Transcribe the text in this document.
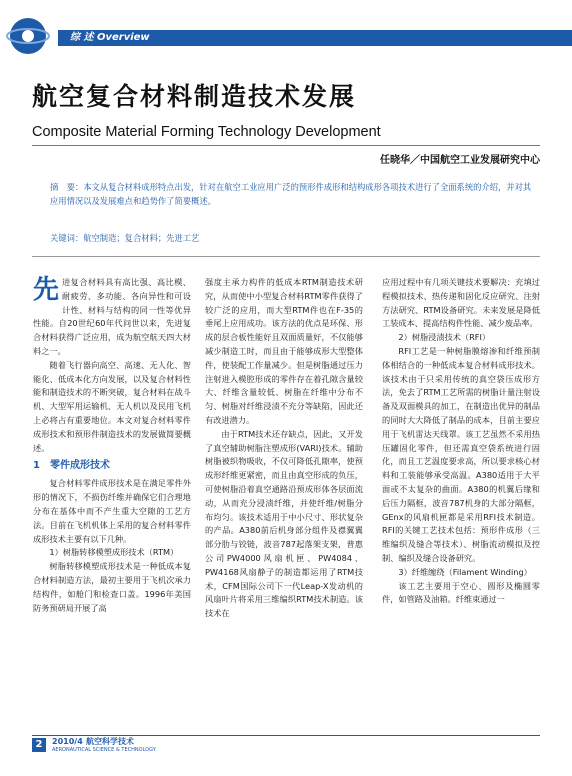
综 述 Overview
航空复合材料制造技术发展
Composite Material Forming Technology Development
任晓华／中国航空工业发展研究中心
摘　要：本文从复合材料成形特点出发，针对在航空工业应用广泛的预形件成形和结构成形各项技术进行了全面系统的介绍，并对其应用情况以及发展难点和趋势作了简要概述。
关键词：航空制造；复合材料；先进工艺

先进复合材料具有高比强、高比模、耐疲劳、多功能、各向异性和可设计性、材料与结构的同一性等优异性能。自20世纪60年代问世以来，先进复合材料获得广泛应用，成为航空航天四大材料之一。

随着飞行器向高空、高速、无人化、智能化、低成本化方向发展，以及复合材料性能和制造技术的不断突破，复合材料在战斗机、大型军用运输机、无人机以及民用飞机上必将占有重要地位。本文对复合材料零件成形技术和预形件制造技术的发展做简要概述。

1　零件成形技术

复合材料零件成形技术是在满足零件外形的情况下，不损伤纤维并确保它们合理地分布在基体中而不产生重大空隙的工艺方法。目前在飞机机体上采用的复合材料零件成形技术主要有以下几种。

1）树脂转移模塑成形技术（RTM）

树脂转移模塑成形技术是一种低成本复合材料制造方法，最初主要用于飞机次承力结构件，如舱门和检查口盖。1996年美国防务预研局开展了高

强度主承力构件的低成本RTM制造技术研究，从而使中小型复合材料RTM零件获得了较广泛的应用，而大型RTM件也在F-35的垂尾上应用成功。该方法的优点是环保、形成的层合板性能好且双面质量好，不仅能够减少制造工时，而且由于能够成形大型整体件，使装配工作量减少。但是树脂通过压力注射进入模腔形成的零件存在着孔隙含量较大、纤维含量较低、树脂在纤维中分布不匀、树脂对纤维浸渍不充分等缺陷，因此还有改进潜力。

由于RTM技术还存缺点，因此，又开发了真空辅助树脂注塑成形(VARI)技术。辅助树脂被织物吸收，不仅可降低孔隙率，使预成形纤维更紧密，而且由真空形成的负压，可使树脂沿着真空通路沿预成形体各层面流动，从而充分浸渍纤维，并使纤维/树脂分布均匀。该技术适用于中小尺寸、形状复杂的产品。A380前后机身部分组件及襟翼翼部分肋与铰链，波音787起落架支架，普惠公司PW4000风扇机匣、PW4084、PW4168风扇静子的制造都运用了RTM技术，CFM国际公司下一代Leap-X发动机的风扇叶片将采用三维编织RTM技术制造。该技术在

应用过程中有几项关键技术要解决：充填过程模拟技术、热传递和固化反应研究、注射方法研究、RTM设备研究。未来发展是降低工装成本、提高结构件性能、减少废品率。

2）树脂浸渍技术（RFI）

RFI工艺是一种树脂膜熔渗和纤维预制体相结合的一种低成本复合材料成形技术。该技术由于只采用传统的真空袋压成形方法，免去了RTM工艺所需的树脂计量注射设备及双面模具的加工，在制造出优异的制品的同时大大降低了制品的成本，目前主要应用于飞机雷达天线罩。该工艺虽然不采用热压罐固化零件，但还需真空袋系统进行固化，而且工艺温度要求高，所以要求核心材料和工装能够承受高温。A380适用于大平面或不太复杂的曲面。A380的机翼后缘和后压力隔框，波音787机身的大部分隔框，GEnx的风扇机匣都是采用RFI技术制造。RFI的关键工艺技术包括：预形件成形（三维编织及缝合等技术）、树脂流动模拟及控制、编织及缝合设备研究。

3）纤维缠绕（Filament Winding）

该工艺主要用于空心、圆形及椭圆零件，如管路及油箱。纤维束通过一

2	2010/4 航空科学技术
AERONAUTICAL SCIENCE & TECHNOLOGY
